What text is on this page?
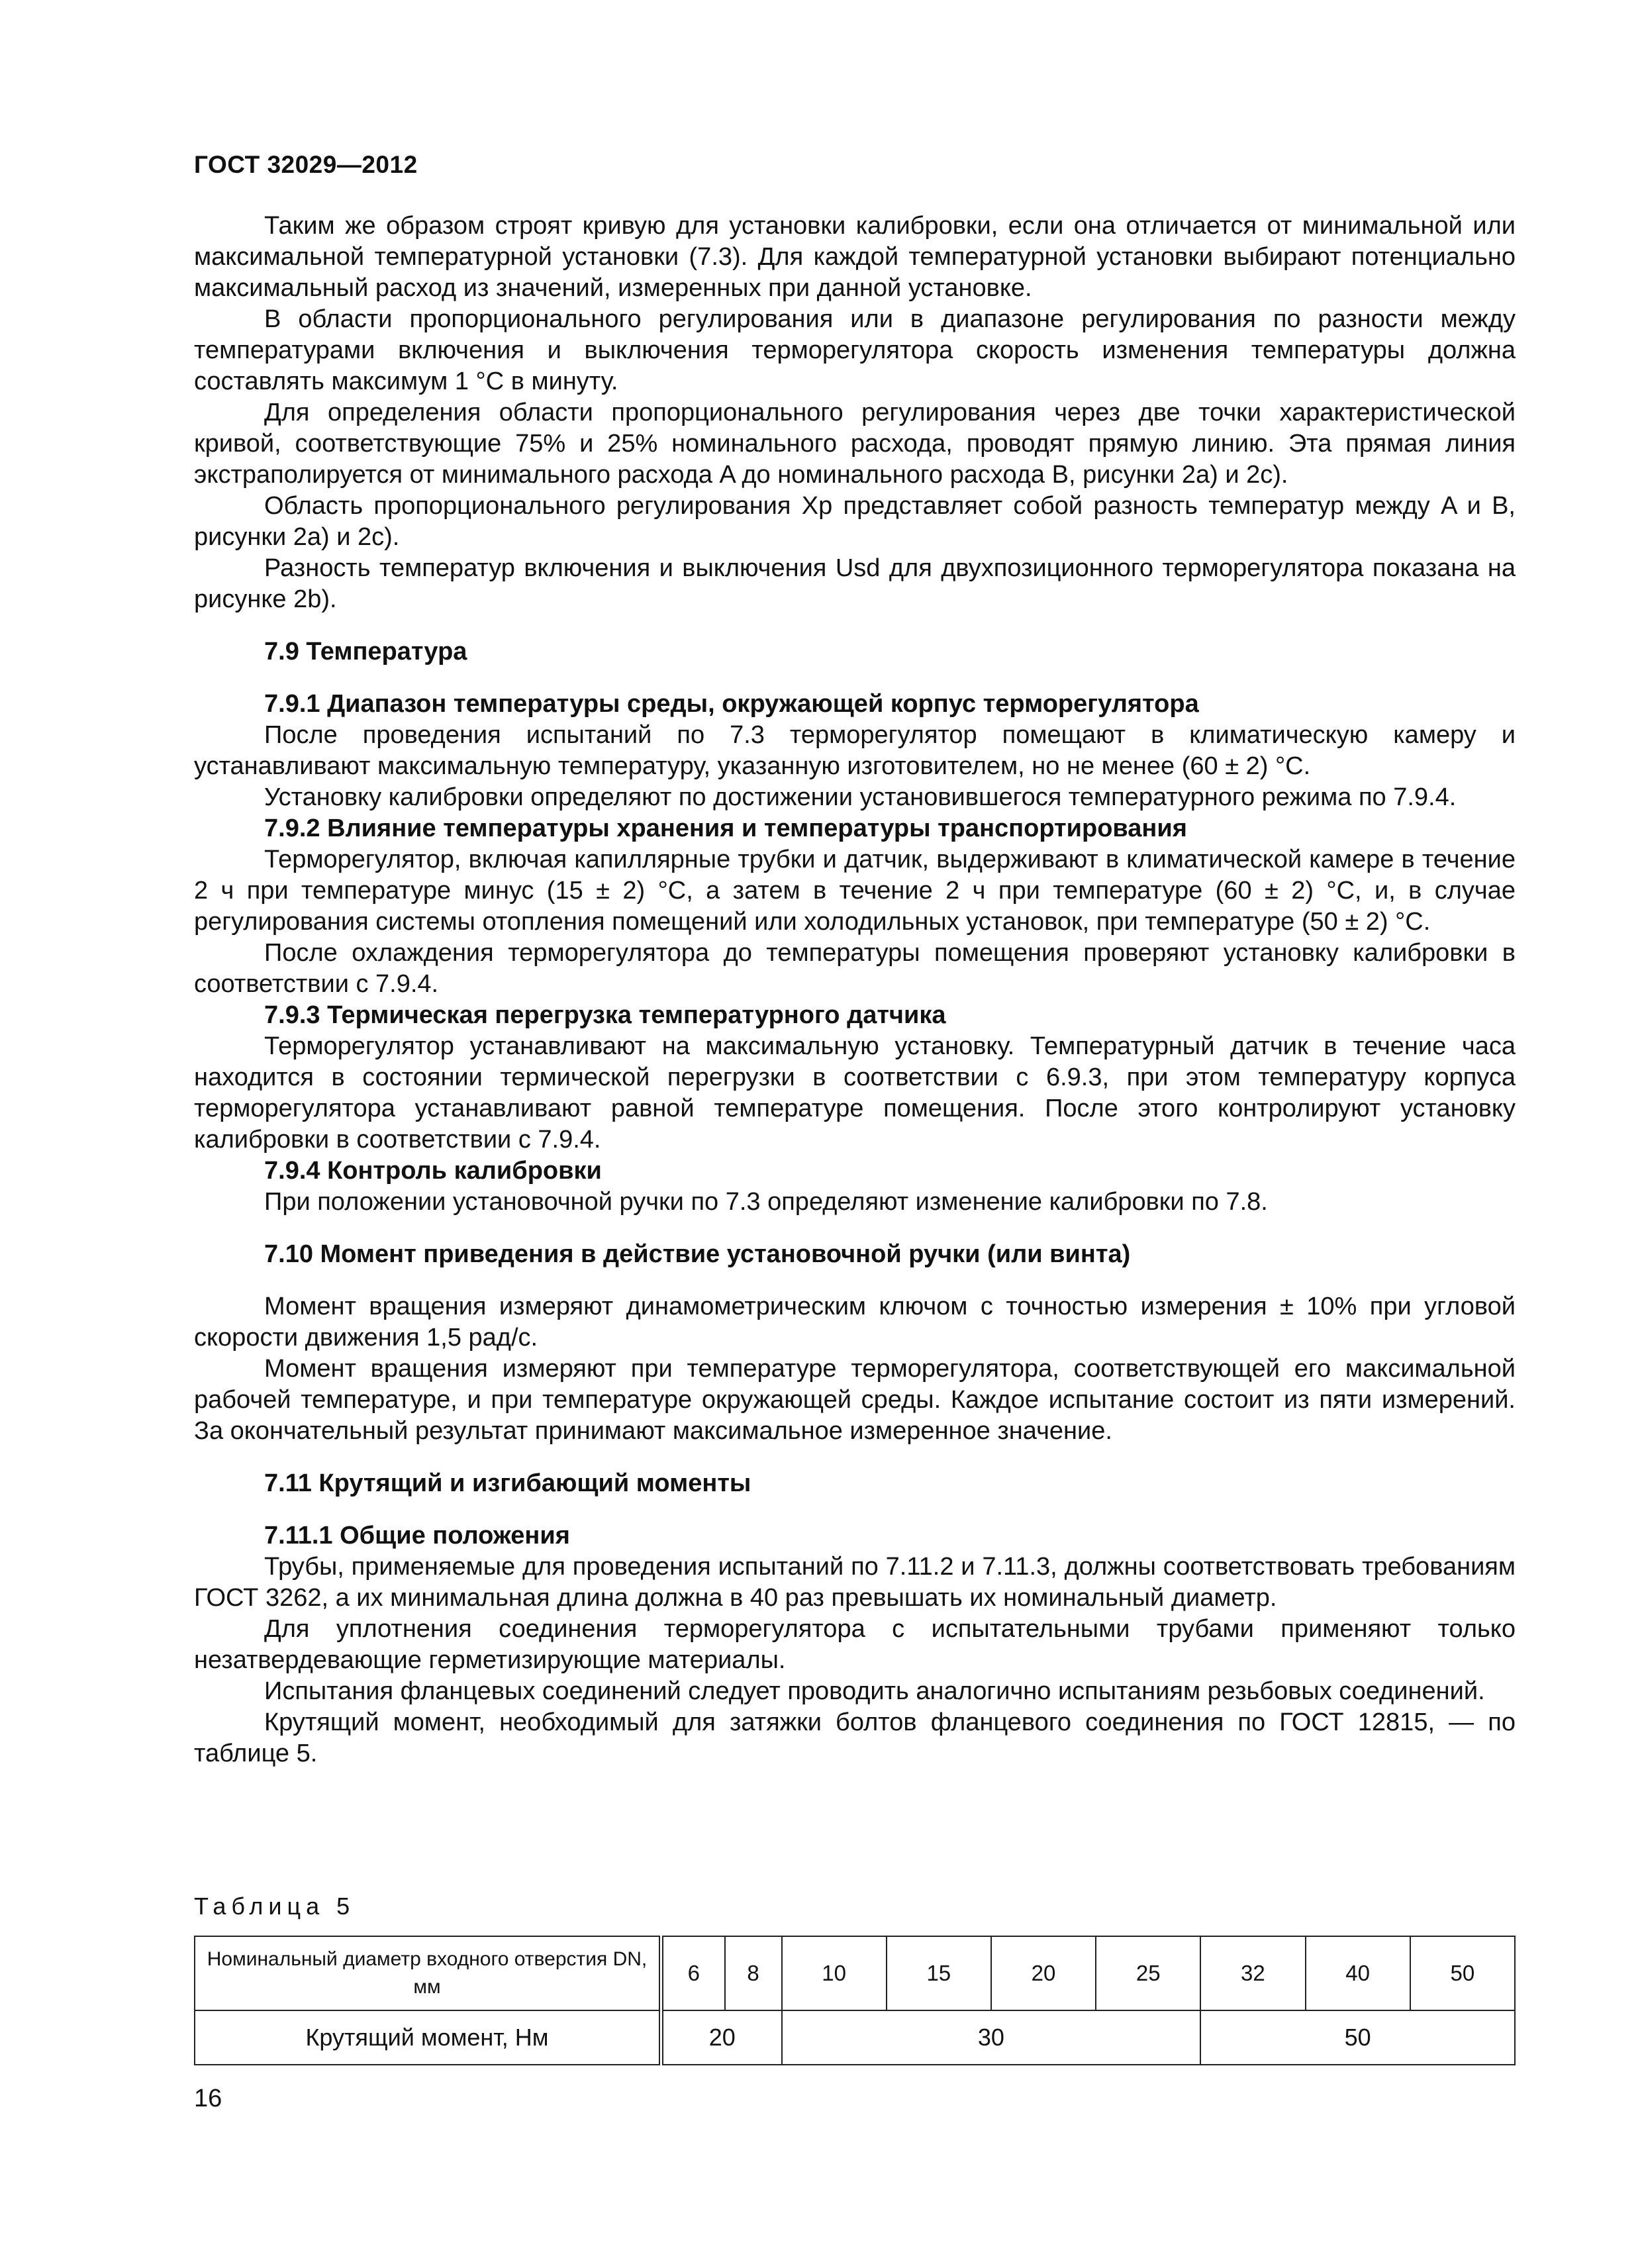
ГОСТ 32029—2012

Таким же образом строят кривую для установки калибровки, если она отличается от минимальной или максимальной температурной установки (7.3). Для каждой температурной установки выбирают потенциально максимальный расход из значений, измеренных при данной установке.

В области пропорционального регулирования или в диапазоне регулирования по разности между температурами включения и выключения терморегулятора скорость изменения температуры должна составлять максимум 1 °С в минуту.

Для определения области пропорционального регулирования через две точки характеристической кривой, соответствующие 75% и 25% номинального расхода, проводят прямую линию. Эта прямая линия экстраполируется от минимального расхода A до номинального расхода B, рисунки 2a) и 2c).

Область пропорционального регулирования Xp представляет собой разность температур между A и B, рисунки 2a) и 2c).

Разность температур включения и выключения Usd для двухпозиционного терморегулятора показана на рисунке 2b).

7.9 Температура
7.9.1 Диапазон температуры среды, окружающей корпус терморегулятора

После проведения испытаний по 7.3 терморегулятор помещают в климатическую камеру и устанавливают максимальную температуру, указанную изготовителем, но не менее (60 ± 2) °С.

Установку калибровки определяют по достижении установившегося температурного режима по 7.9.4.

7.9.2 Влияние температуры хранения и температуры транспортирования

Терморегулятор, включая капиллярные трубки и датчик, выдерживают в климатической камере в течение 2 ч при температуре минус (15 ± 2) °С, а затем в течение 2 ч при температуре (60 ± 2) °С, и, в случае регулирования системы отопления помещений или холодильных установок, при температуре (50 ± 2) °С.

После охлаждения терморегулятора до температуры помещения проверяют установку калибровки в соответствии с 7.9.4.

7.9.3 Термическая перегрузка температурного датчика

Терморегулятор устанавливают на максимальную установку. Температурный датчик в течение часа находится в состоянии термической перегрузки в соответствии с 6.9.3, при этом температуру корпуса терморегулятора устанавливают равной температуре помещения. После этого контролируют установку калибровки в соответствии с 7.9.4.

7.9.4 Контроль калибровки

При положении установочной ручки по 7.3 определяют изменение калибровки по 7.8.

7.10 Момент приведения в действие установочной ручки (или винта)

Момент вращения измеряют динамометрическим ключом с точностью измерения ± 10% при угловой скорости движения 1,5 рад/с.

Момент вращения измеряют при температуре терморегулятора, соответствующей его максимальной рабочей температуре, и при температуре окружающей среды. Каждое испытание состоит из пяти измерений. За окончательный результат принимают максимальное измеренное значение.

7.11 Крутящий и изгибающий моменты
7.11.1 Общие положения

Трубы, применяемые для проведения испытаний по 7.11.2 и 7.11.3, должны соответствовать требованиям ГОСТ 3262, а их минимальная длина должна в 40 раз превышать их номинальный диаметр.

Для уплотнения соединения терморегулятора с испытательными трубами применяют только незатвердевающие герметизирующие материалы.

Испытания фланцевых соединений следует проводить аналогично испытаниям резьбовых соединений.

Крутящий момент, необходимый для затяжки болтов фланцевого соединения по ГОСТ 12815, — по таблице 5.

Таблица 5
Номинальный диаметр входного отверстия DN, мм	6	8	10	15	20	25	32	40	50
Крутящий момент, Нм	20		30				50		
16
